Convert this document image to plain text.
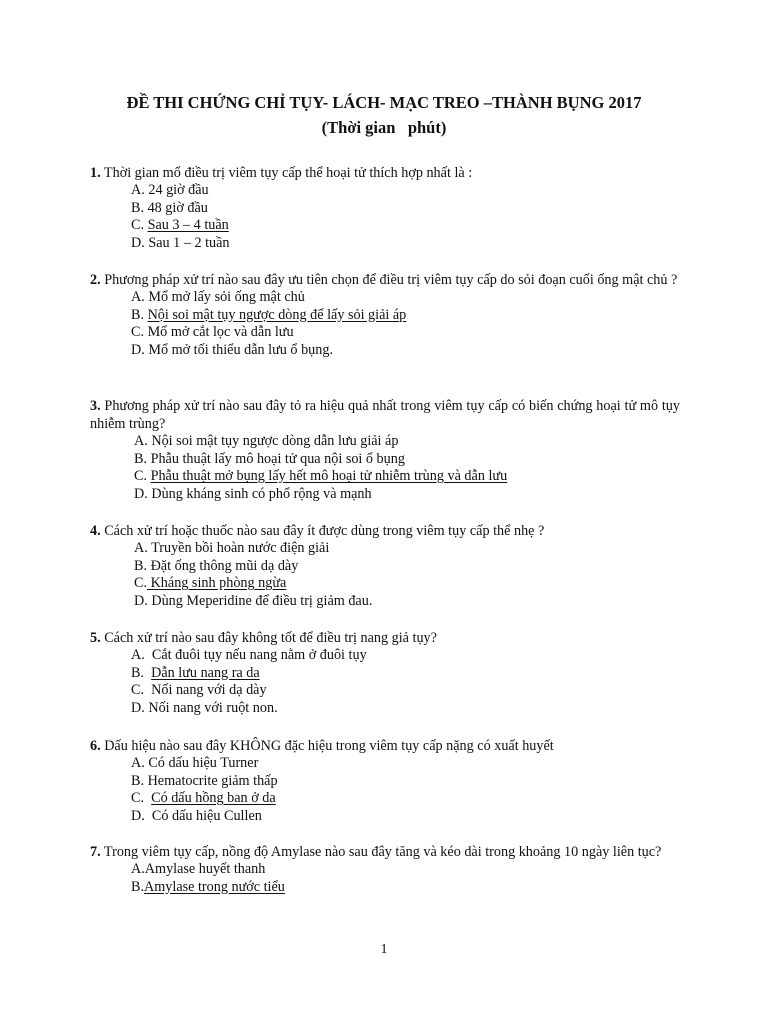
ĐỀ THI CHỨNG CHỈ TỤY- LÁCH- MẠC TREO –THÀNH BỤNG 2017
(Thời gian   phút)
1. Thời gian mổ điều trị viêm tụy cấp thể hoại tử thích hợp nhất là :
A. 24 giờ đầu
B. 48 giờ đầu
C. Sau 3 – 4 tuần
D. Sau 1 – 2 tuần
2. Phương pháp xử trí nào sau đây ưu tiên chọn để điều trị viêm tụy cấp do sỏi đoạn cuối ống mật chủ ?
A. Mổ mở lấy sỏi ống mật chủ
B. Nội soi mật tụy ngược dòng để lấy sỏi giải áp
C. Mổ mở cắt lọc và dẫn lưu
D. Mổ mở tối thiểu dẫn lưu ổ bụng.
3. Phương pháp xử trí nào sau đây tỏ ra hiệu quả nhất trong viêm tụy cấp có biến chứng hoại tử mô tụy nhiễm trùng?
A. Nội soi mật tụy ngược dòng dẫn lưu giải áp
B. Phẫu thuật lấy mô hoại tử qua nội soi ổ bụng
C. Phẫu thuật mở bụng lấy hết mô hoại tử nhiễm trùng và dẫn lưu
D. Dùng kháng sinh có phổ rộng và mạnh
4. Cách xử trí hoặc thuốc nào sau đây ít được dùng trong viêm tụy cấp thể nhẹ ?
A. Truyền bồi hoàn nước điện giải
B. Đặt ống thông mũi dạ dày
C. Kháng sinh phòng ngừa
D. Dùng Meperidine để điều trị giảm đau.
5. Cách xử trí nào sau đây không tốt để điều trị nang giả tụy?
A.  Cắt đuôi tụy nếu nang nằm ở đuôi tụy
B.  Dẫn lưu nang ra da
C.  Nối nang với dạ dày
D. Nối nang với ruột non.
6. Dấu hiệu nào sau đây KHÔNG đặc hiệu trong viêm tụy cấp nặng có xuất huyết
A. Có dấu hiệu Turner
B. Hematocrite giảm thấp
C.  Có dấu hồng ban ở da
D.  Có dấu hiệu Cullen
7. Trong viêm tụy cấp, nồng độ Amylase nào sau đây tăng và kéo dài trong khoảng 10 ngày liên tục?
A.Amylase huyết thanh
B.Amylase trong nước tiểu
1
